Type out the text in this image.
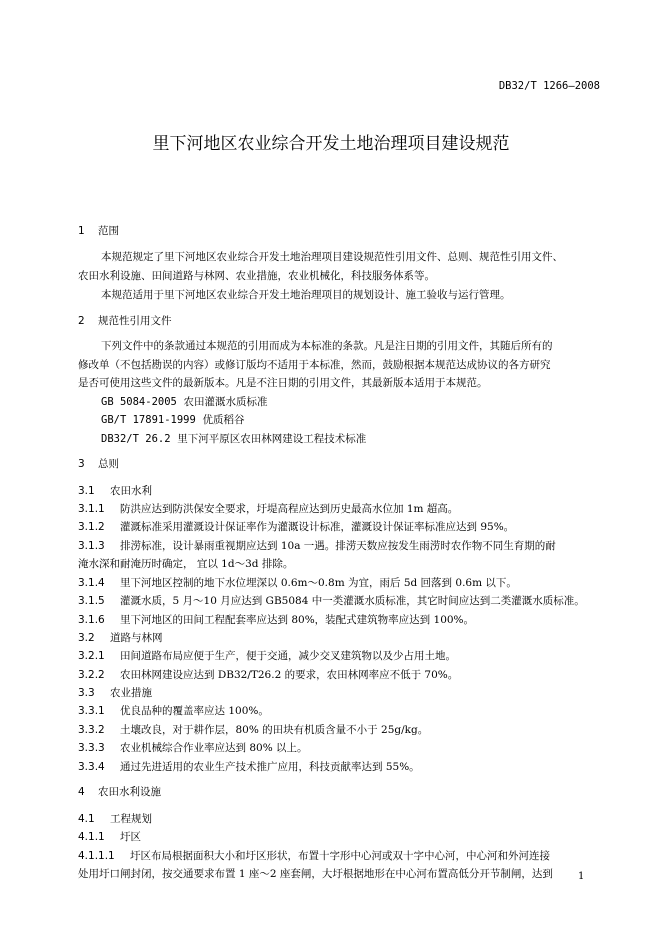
DB32/T 1266—2008
里下河地区农业综合开发土地治理项目建设规范
1 范围
本规范规定了里下河地区农业综合开发土地治理项目建设规范性引用文件、总则、规范性引用文件、
农田水利设施、田间道路与林网、农业措施，农业机械化，科技服务体系等。
本规范适用于里下河地区农业综合开发土地治理项目的规划设计、施工验收与运行管理。
2 规范性引用文件
下列文件中的条款通过本规范的引用而成为本标准的条款。凡是注日期的引用文件，其随后所有的
修改单（不包括勘误的内容）或修订版均不适用于本标准，然而，鼓励根据本规范达成协议的各方研究
是否可使用这些文件的最新版本。凡是不注日期的引用文件，其最新版本适用于本规范。
GB 5084-2005 农田灌溉水质标准
GB/T 17891-1999 优质稻谷
DB32/T 26.2 里下河平原区农田林网建设工程技术标准
3 总则
3.1 农田水利
3.1.1 防洪应达到防洪保安全要求，圩堤高程应达到历史最高水位加 1m 超高。
3.1.2 灌溉标准采用灌溉设计保证率作为灌溉设计标准，灌溉设计保证率标准应达到 95%。
3.1.3 排涝标准，设计暴雨重视期应达到 10a 一遇。排涝天数应按发生雨涝时农作物不同生育期的耐
淹水深和耐淹历时确定， 宜以 1d～3d 排除。
3.1.4 里下河地区控制的地下水位埋深以 0.6m～0.8m 为宜，雨后 5d 回落到 0.6m 以下。
3.1.5 灌溉水质，5 月～10 月应达到 GB5084 中一类灌溉水质标准，其它时间应达到二类灌溉水质标准。
3.1.6 里下河地区的田间工程配套率应达到 80%，装配式建筑物率应达到 100%。
3.2 道路与林网
3.2.1 田间道路布局应便于生产，便于交通，减少交叉建筑物以及少占用土地。
3.2.2 农田林网建设应达到 DB32/T26.2 的要求，农田林网率应不低于 70%。
3.3 农业措施
3.3.1 优良品种的覆盖率应达 100%。
3.3.2 土壤改良，对于耕作层，80% 的田块有机质含量不小于 25g/kg。
3.3.3 农业机械综合作业率应达到 80% 以上。
3.3.4 通过先进适用的农业生产技术推广应用，科技贡献率达到 55%。
4 农田水利设施
4.1 工程规划
4.1.1 圩区
4.1.1.1 圩区布局根据面积大小和圩区形状，布置十字形中心河或双十字中心河，中心河和外河连接
处用圩口闸封闭，按交通要求布置 1 座～2 座套闸，大圩根据地形在中心河布置高低分开节制闸，达到	1
